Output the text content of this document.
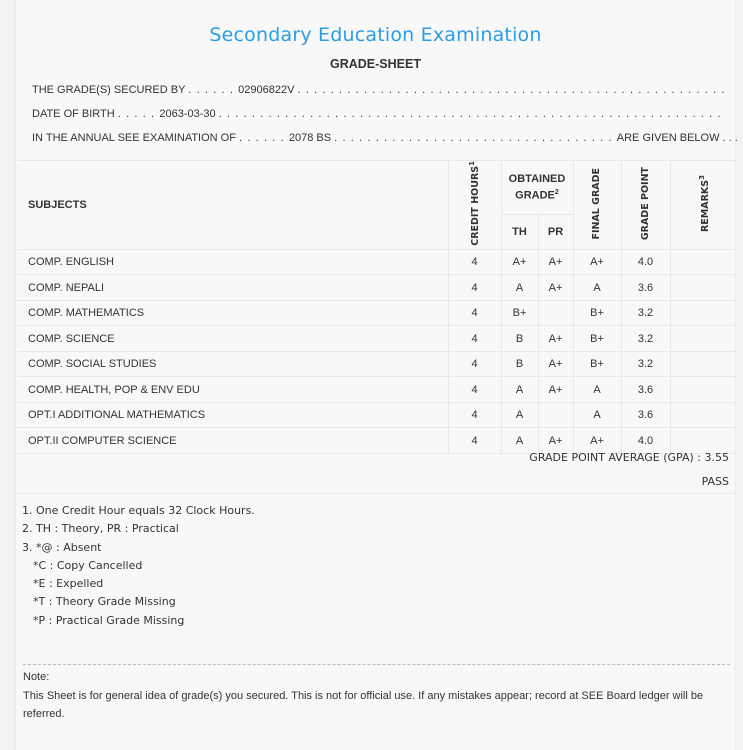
Secondary Education Examination
GRADE-SHEET
THE GRADE(S) SECURED BY . . . . . . 02906822V . . . . . . . . . . . . . . . . . . . . . . . . . . . . . . . . . . . . . . . . . . . . . . . . . . . .
DATE OF BIRTH . . . . . 2063-03-30 . . . . . . . . . . . . . . . . . . . . . . . . . . . . . . . . . . . . . . . . . . . . . . . . . . . . . . . . . . . . .
IN THE ANNUAL SEE EXAMINATION OF . . . . . . 2078 BS . . . . . . . . . . . . . . . . . . . . . . . . . . . . . . . . . . ARE GIVEN BELOW . . .
SUBJECTS	CREDIT HOURS$^1$	OBTAINED GRADE$^2$		FINAL GRADE	GRADE POINT	REMARKS$^3$
		TH	PR			
COMP. ENGLISH	4	A+	A+	A+	4.0	
COMP. NEPALI	4	A	A+	A	3.6	
COMP. MATHEMATICS	4	B+		B+	3.2	
COMP. SCIENCE	4	B	A+	B+	3.2	
COMP. SOCIAL STUDIES	4	B	A+	B+	3.2	
COMP. HEALTH, POP & ENV EDU	4	A	A+	A	3.6	
OPT.I ADDITIONAL MATHEMATICS	4	A		A	3.6	
OPT.II COMPUTER SCIENCE	4	A	A+	A+	4.0	
GRADE POINT AVERAGE (GPA) : 3.55
PASS
1. One Credit Hour equals 32 Clock Hours.
2. TH : Theory, PR : Practical
3. *@ : Absent
*C : Copy Cancelled
*E : Expelled
*T : Theory Grade Missing
*P : Practical Grade Missing
Note:
This Sheet is for general idea of grade(s) you secured. This is not for official use. If any mistakes appear; record at SEE Board ledger will be referred.
